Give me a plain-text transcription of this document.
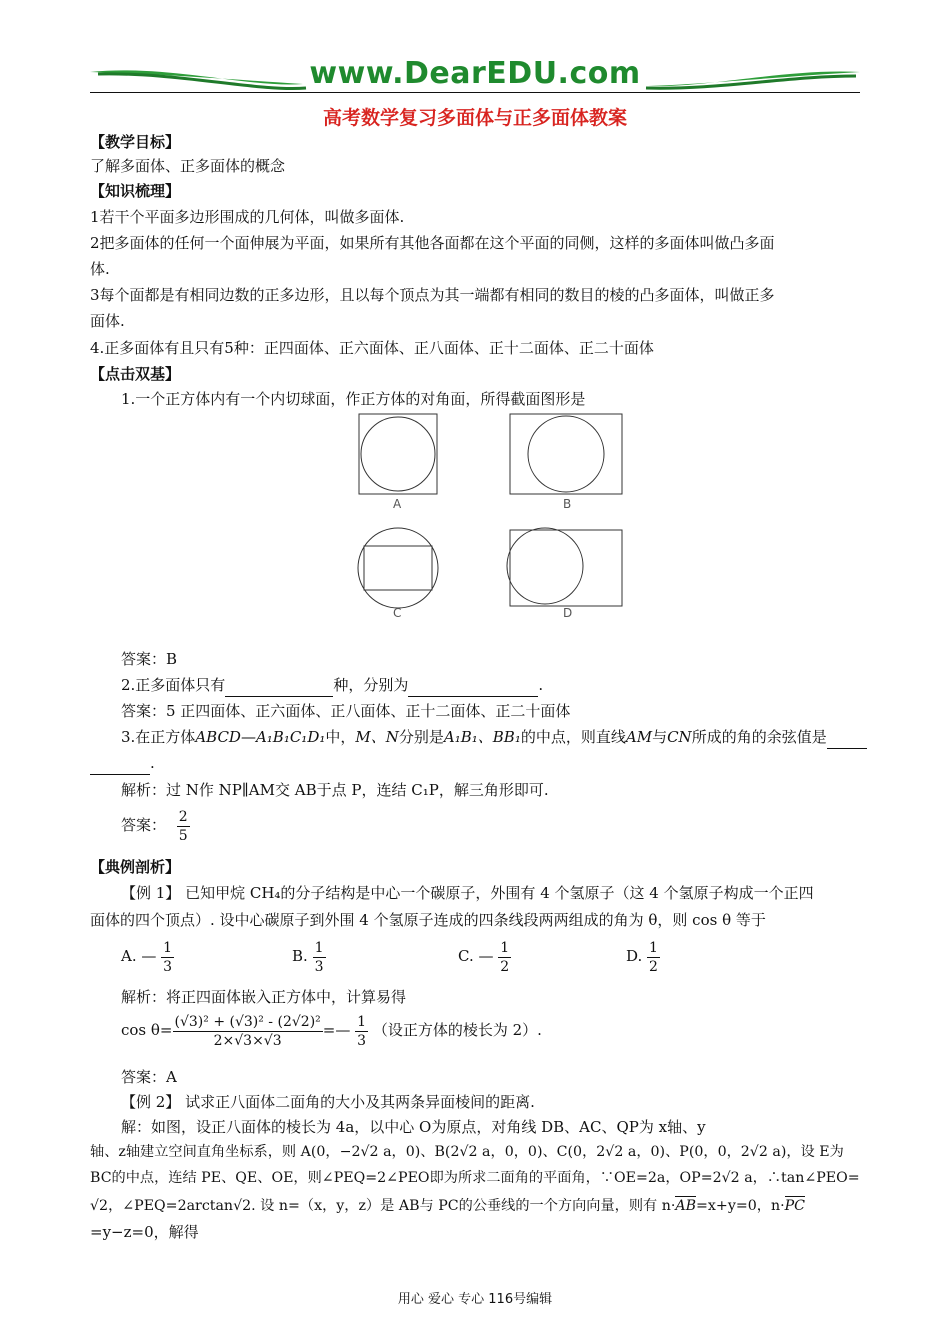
www.DearEDU.com
高考数学复习多面体与正多面体教案
【教学目标】
了解多面体、正多面体的概念
【知识梳理】
1若干个平面多边形围成的几何体，叫做多面体.
2把多面体的任何一个面伸展为平面，如果所有其他各面都在这个平面的同侧，这样的多面体叫做凸多面
体.
3每个面都是有相同边数的正多边形，且以每个顶点为其一端都有相同的数目的棱的凸多面体，叫做正多
面体.
4.正多面体有且只有5种：正四面体、正六面体、正八面体、正十二面体、正二十面体
【点击双基】
1.一个正方体内有一个内切球面，作正方体的对角面，所得截面图形是
A	B
C	D
答案：B
2.正多面体只有	种，分别为	.
答案：5 正四面体、正六面体、正八面体、正十二面体、正二十面体
3.在正方体ABCD—A₁B₁C₁D₁中，M、N分别是A₁B₁、BB₁的中点，则直线AM与CN所成的角的余弦值是
.
解析：过 N作 NP∥AM交 AB于点 P，连结 C₁P，解三角形即可.
答案： $\frac{2}{5}$
【典例剖析】
【例 1】 已知甲烷 CH₄的分子结构是中心一个碳原子，外围有 4 个氢原子（这 4 个氢原子构成一个正四
面体的四个顶点）. 设中心碳原子到外围 4 个氢原子连成的四条线段两两组成的角为 θ，则 cos θ 等于
A. — $\frac{1}{3}$	B. $\frac{1}{3}$	C. — $\frac{1}{2}$	D. $\frac{1}{2}$
解析：将正四面体嵌入正方体中，计算易得
$\cos \theta= \frac{\text{(√3)² + (√3)² - (2√2)²}}{2\times√3\times√3}$ =— $\frac{1}{3}$ （设正方体的棱长为 2）.
答案：A
【例 2】 试求正八面体二面角的大小及其两条异面棱间的距离.
解：如图，设正八面体的棱长为 4a，以中心 O为原点，对角线 DB、AC、QP为 x轴、y
轴、z轴建立空间直角坐标系，则 A(0，−2√2 a，0)、B(2√2 a，0，0)、C(0，2√2 a，0)、P(0，0，2√2 a)，设 E为
BC的中点，连结 PE、QE、OE，则∠PEQ=2∠PEO即为所求二面角的平面角，∵OE=2a，OP=2√2 a，∴tan∠PEO=
√2，∠PEQ=2arctan√2. 设 n=（x，y，z）是 AB与 PC的公垂线的一个方向向量，则有 n·AB=x+y=0，n·PC
=y−z=0，解得
用心 爱心 专心 116号编辑
